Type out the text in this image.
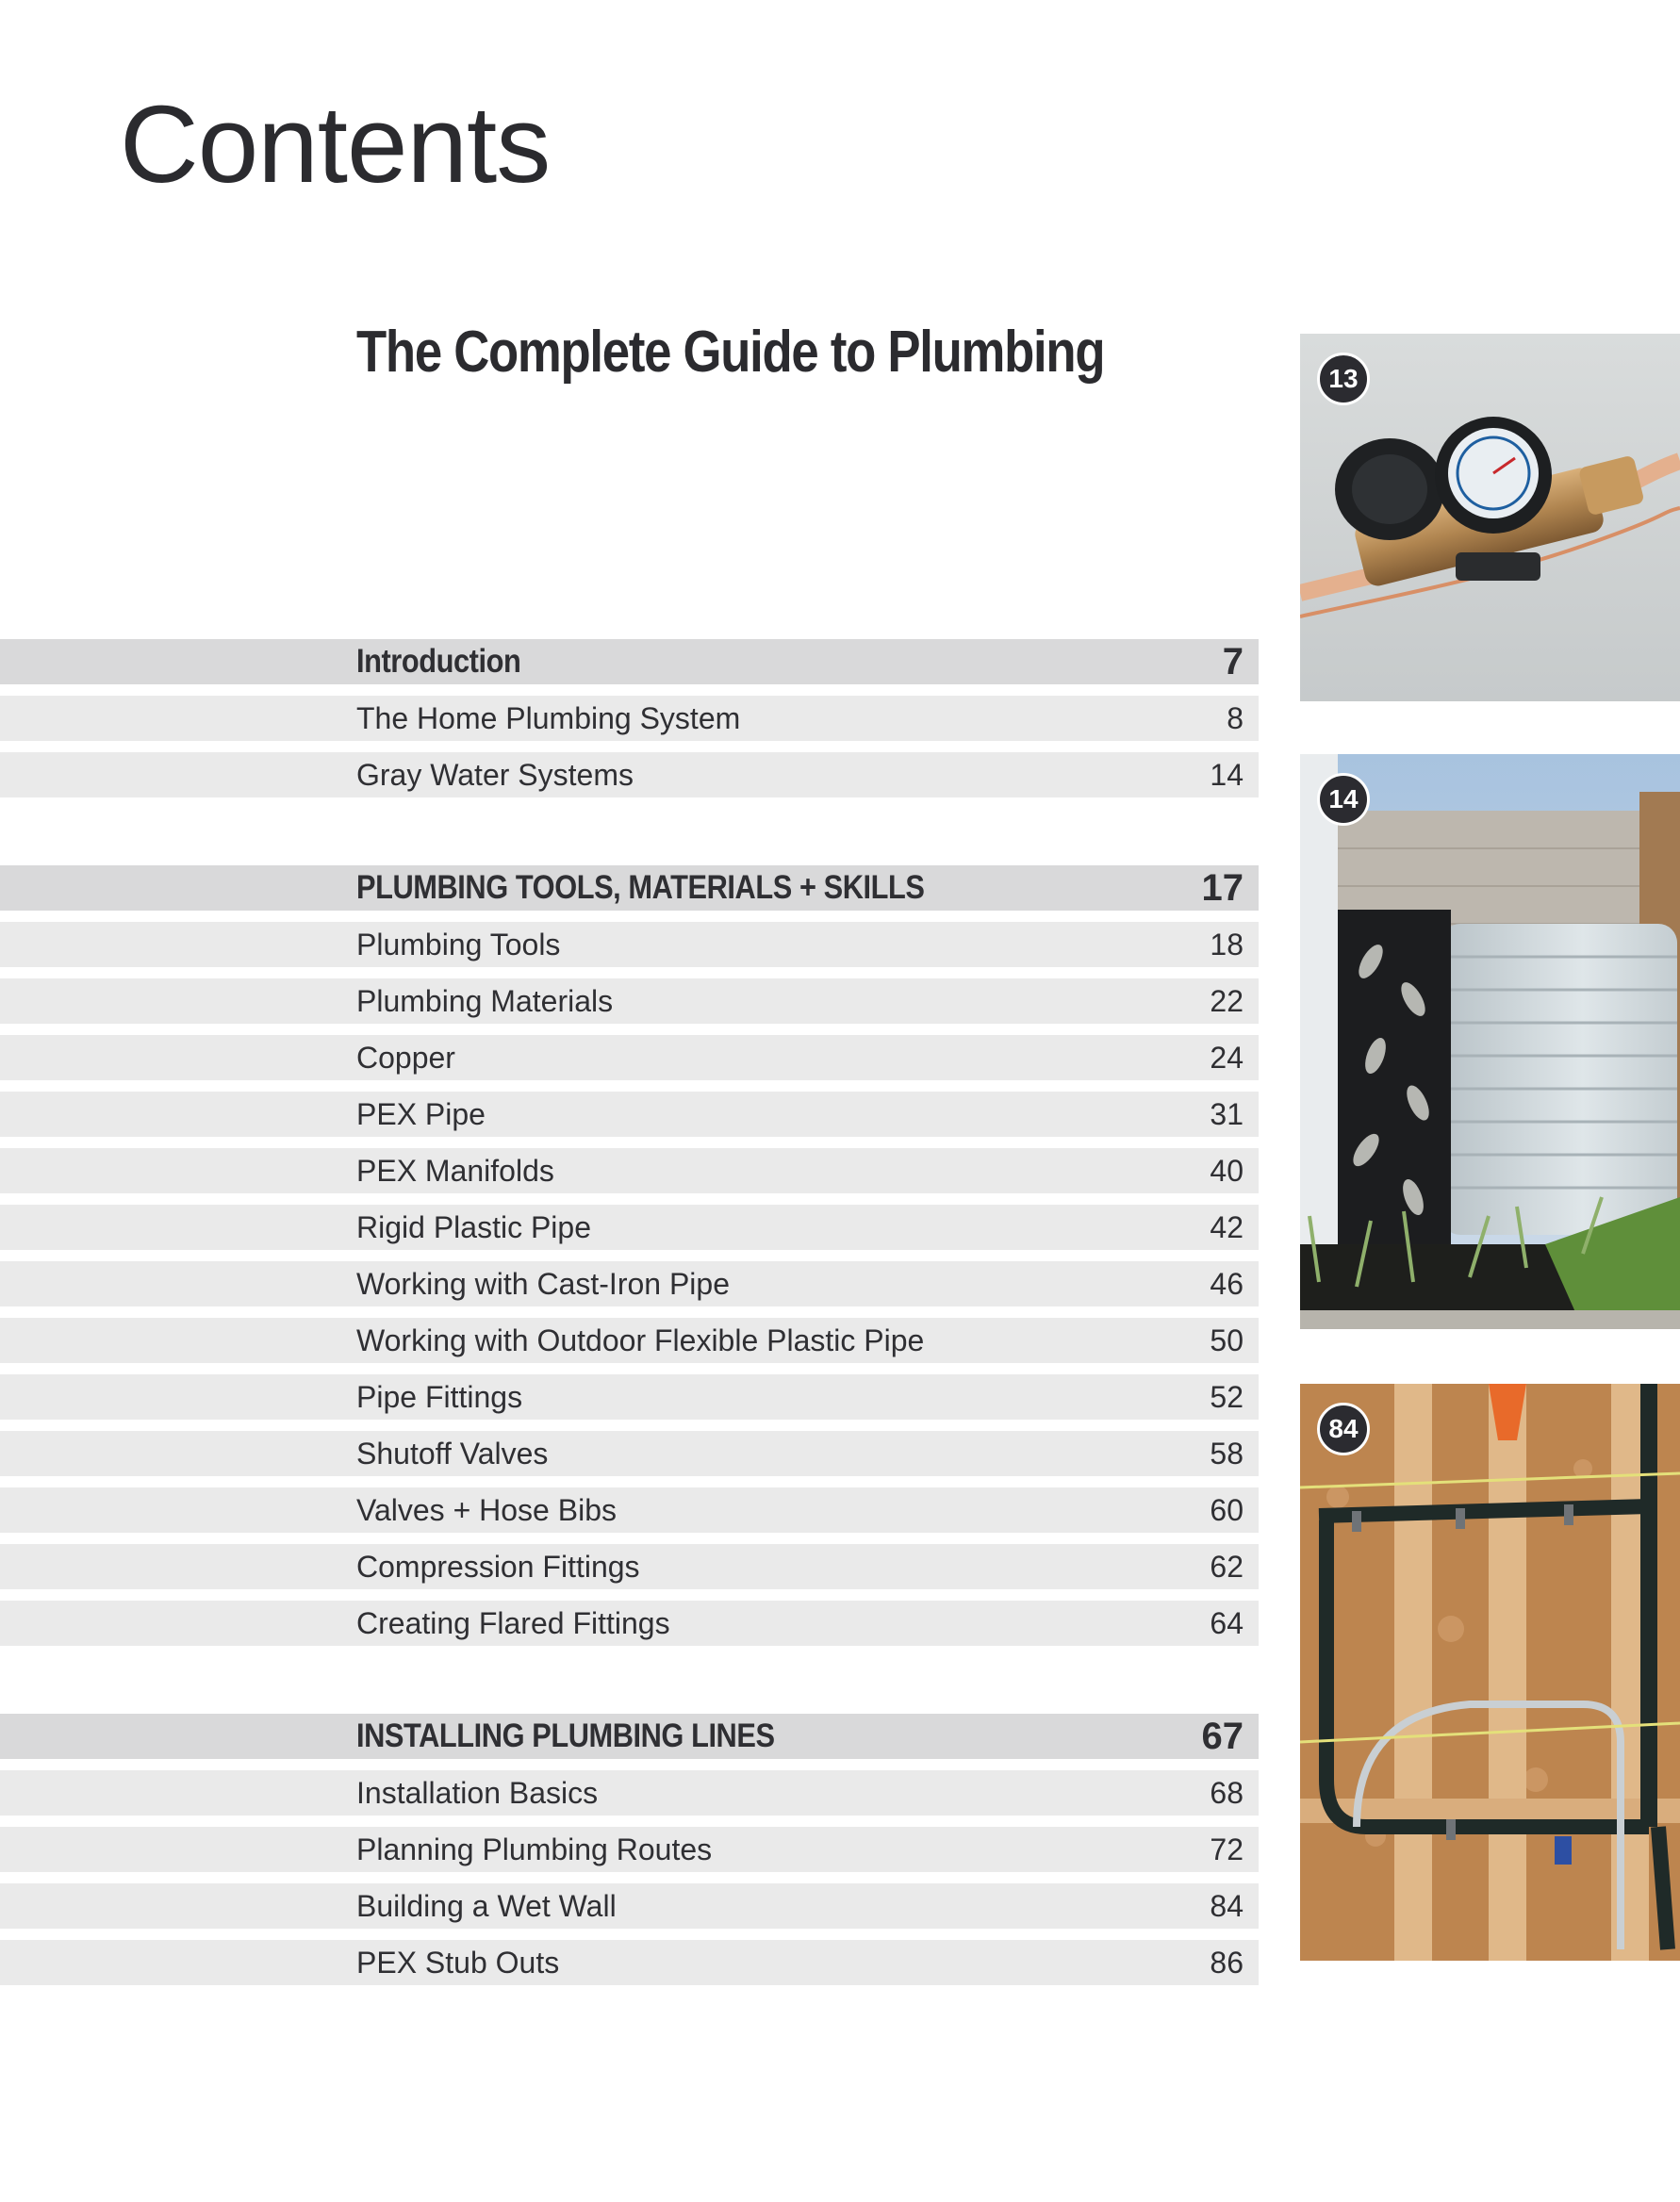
Contents
The Complete Guide to Plumbing
Introduction	7
The Home Plumbing System	8
Gray Water Systems	14
PLUMBING TOOLS, MATERIALS + SKILLS	17
Plumbing Tools	18
Plumbing Materials	22
Copper	24
PEX Pipe	31
PEX Manifolds	40
Rigid Plastic Pipe	42
Working with Cast-Iron Pipe	46
Working with Outdoor Flexible Plastic Pipe	50
Pipe Fittings	52
Shutoff Valves	58
Valves + Hose Bibs	60
Compression Fittings	62
Creating Flared Fittings	64
INSTALLING PLUMBING LINES	67
Installation Basics	68
Planning Plumbing Routes	72
Building a Wet Wall	84
PEX Stub Outs	86
13
14
84
